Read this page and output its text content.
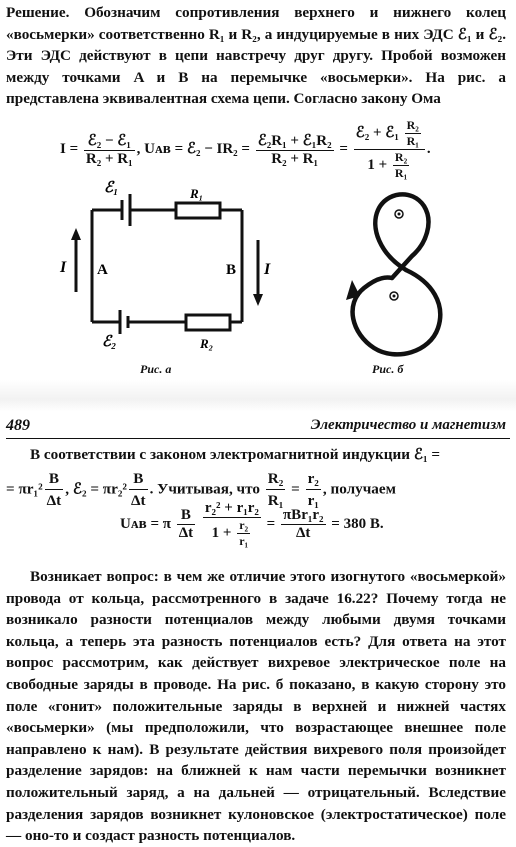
Решение. Обозначим сопротивления верхнего и нижнего колец «восьмерки» соответственно R₁ и R₂, а индуцируемые в них ЭДС ℰ₁ и ℰ₂. Эти ЭДС действуют в цепи навстречу друг другу. Пробой возможен между точками A и B на перемычке «восьмерки». На рис. а представлена эквивалентная схема цепи. Согласно закону Ома

$I = \frac{\text{ℰ₂ − ℰ₁}}{\text{R₂ + R₁}}$ , Uᴀʙ = ℰ₂ − $IR_2 = \frac{\text{ℰ₂R₁ + ℰ₁R₂}}{\text{R₂ + R₁}} = \frac{ℰ_2 + ℰ_1 \frac{\text{R₂}}{\text{R₁}}}{1 + \frac{\text{R₂}}{\text{R₁}}}$ .
ℰ₁	R₁
ℰ₂	R₂
A	B
I	I
Рис. а	Рис. б
489	Электричество и магнетизм
В соответствии с законом электромагнитной индукции ℰ₁ =
= $\pi r_1^2 \frac{B}{\Delta t}$ , ℰ₂ = $\pi r_2^2 \frac{B}{\Delta t}$ . Учитывая, что $\frac{\text{R₂}}{\text{R₁}} = \frac{\text{r₂}}{\text{r₁}}$ , получаем
Uᴀʙ = π $\frac{B}{\Delta t}$
$\frac{\text{r₂² + r₁r₂}}{1 + \frac{\text{r₂}}{\text{r₁}}} = \frac{\text{πBr₁r₂}}{\Delta t} = 380$ В.

Возникает вопрос: в чем же отличие этого изогнутого «восьмеркой» провода от кольца, рассмотренного в задаче 16.22? Почему тогда не возникало разности потенциалов между любыми двумя точками кольца, а теперь эта разность потенциалов есть? Для ответа на этот вопрос рассмотрим, как действует вихревое электрическое поле на свободные заряды в проводе. На рис. б показано, в какую сторону это поле «гонит» положительные заряды в верхней и нижней частях «восьмерки» (мы предположили, что возрастающее внешнее поле направлено к нам). В результате действия вихревого поля произойдет разделение зарядов: на ближней к нам части перемычки возникнет положительный заряд, а на дальней — отрицательный. Вследствие разделения зарядов возникнет кулоновское (электростатическое) поле — оно-то и создаст разность потенциалов.
